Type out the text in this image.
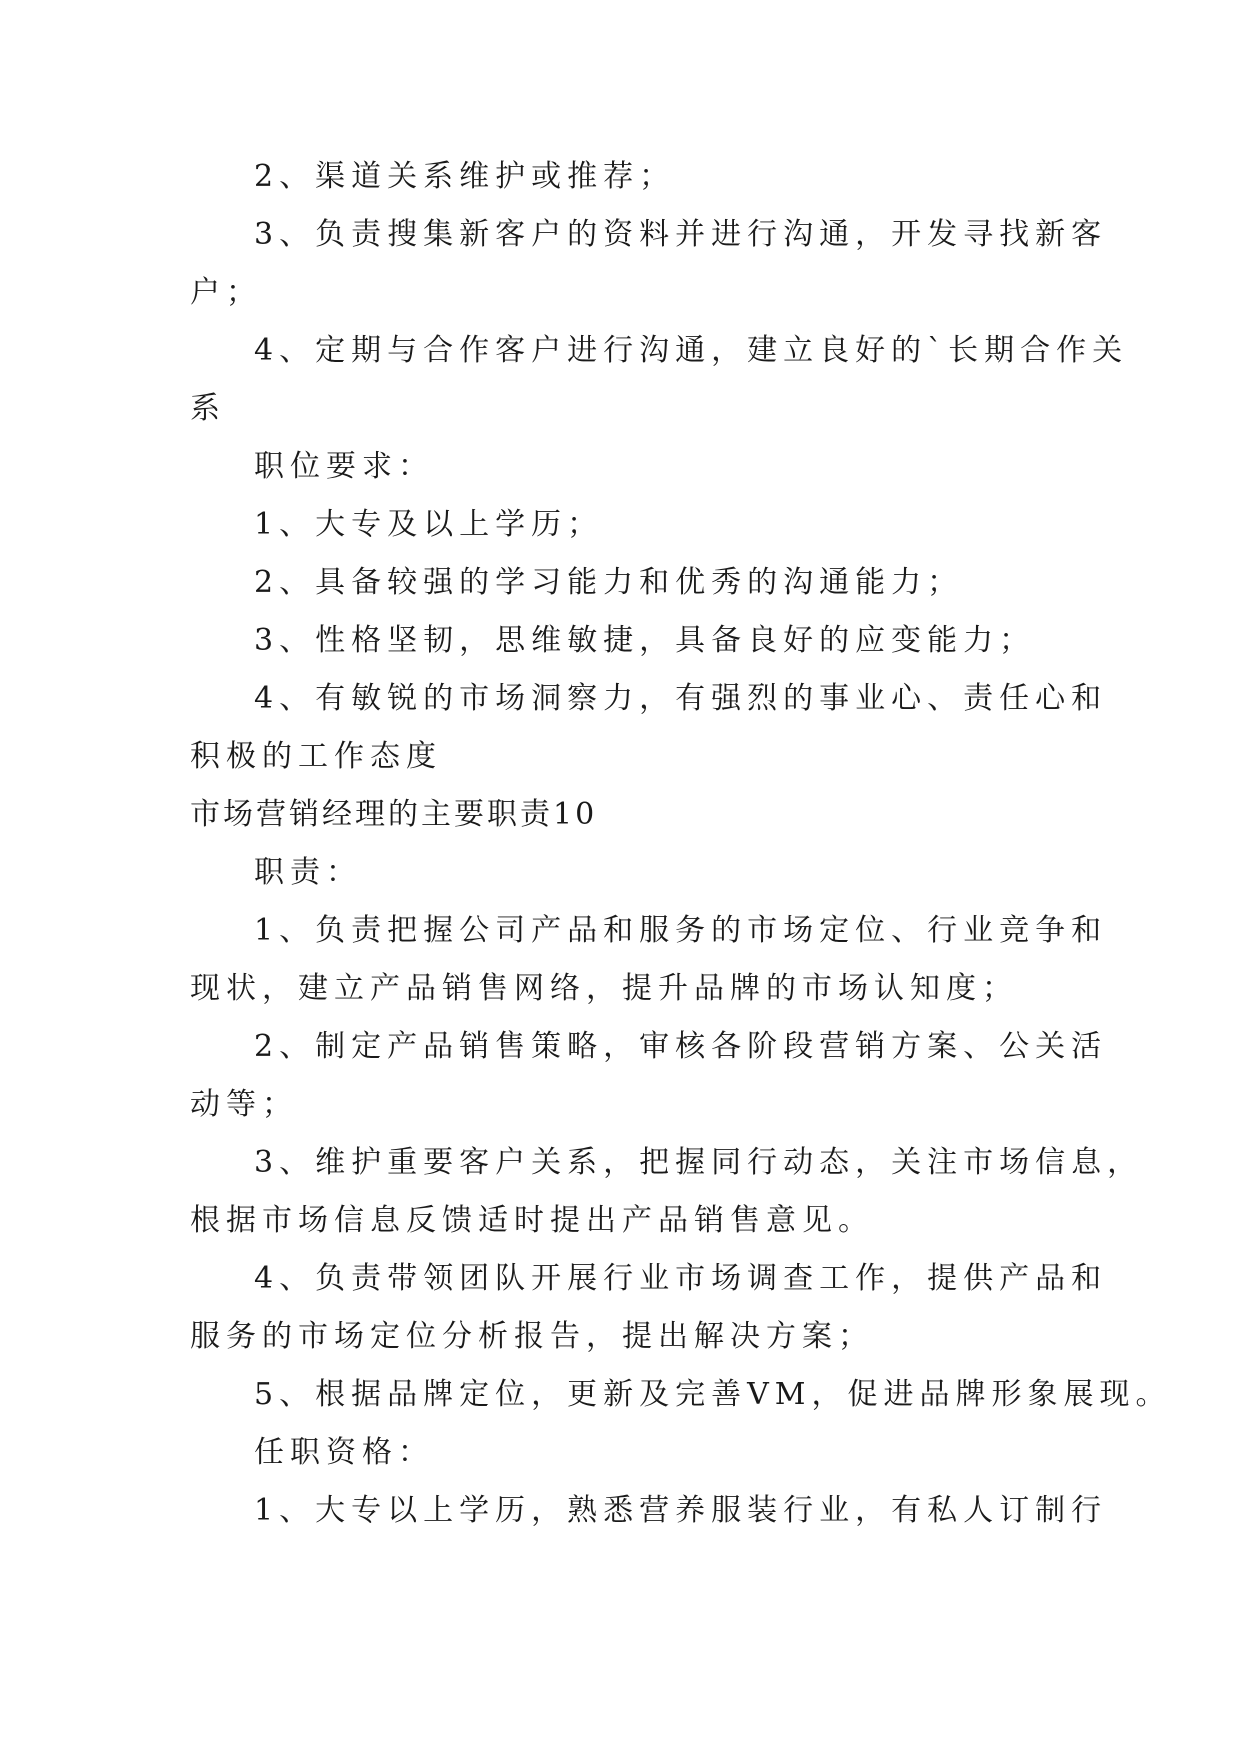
2、渠道关系维护或推荐；
3、负责搜集新客户的资料并进行沟通，开发寻找新客
户；
4、定期与合作客户进行沟通，建立良好的`长期合作关
系
职位要求：
1、大专及以上学历；
2、具备较强的学习能力和优秀的沟通能力；
3、性格坚韧，思维敏捷，具备良好的应变能力；
4、有敏锐的市场洞察力，有强烈的事业心、责任心和
积极的工作态度
市场营销经理的主要职责10
职责：
1、负责把握公司产品和服务的市场定位、行业竞争和
现状，建立产品销售网络，提升品牌的市场认知度；
2、制定产品销售策略，审核各阶段营销方案、公关活
动等；
3、维护重要客户关系，把握同行动态，关注市场信息，
根据市场信息反馈适时提出产品销售意见。
4、负责带领团队开展行业市场调查工作，提供产品和
服务的市场定位分析报告，提出解决方案；
5、根据品牌定位，更新及完善VM，促进品牌形象展现。
任职资格：
1、大专以上学历，熟悉营养服装行业，有私人订制行
